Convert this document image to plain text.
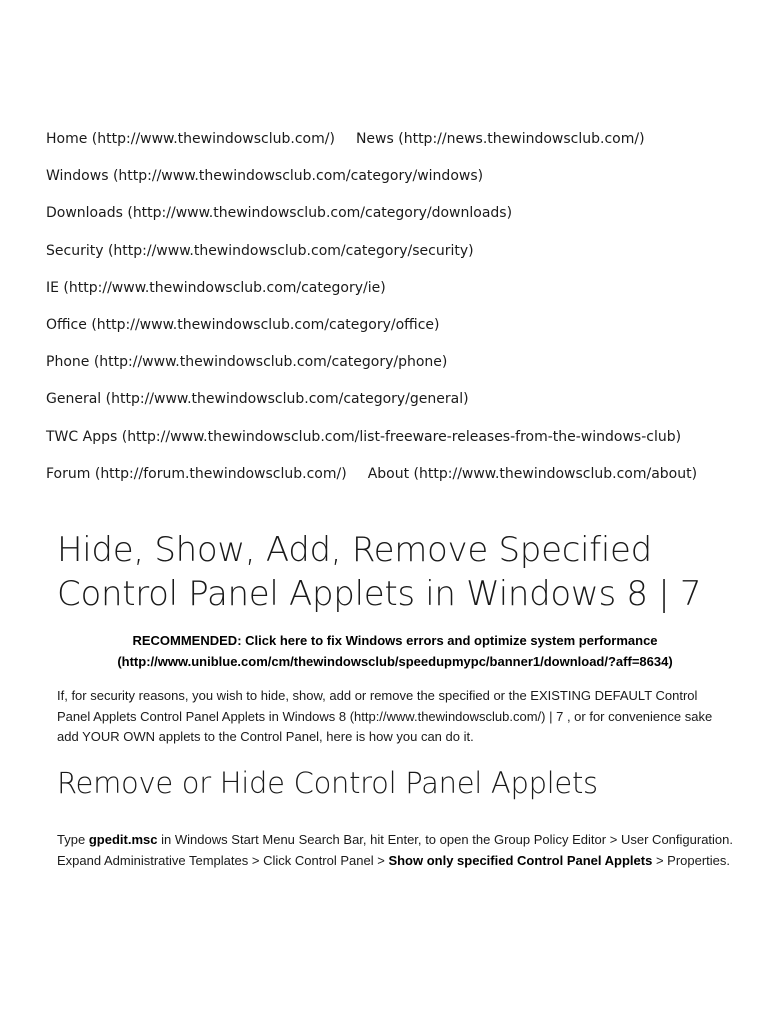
Home (http://www.thewindowsclub.com/) News (http://news.thewindowsclub.com/)
Windows (http://www.thewindowsclub.com/category/windows)
Downloads (http://www.thewindowsclub.com/category/downloads)
Security (http://www.thewindowsclub.com/category/security)
IE (http://www.thewindowsclub.com/category/ie)
Office (http://www.thewindowsclub.com/category/office)
Phone (http://www.thewindowsclub.com/category/phone)
General (http://www.thewindowsclub.com/category/general)
TWC Apps (http://www.thewindowsclub.com/list-freeware-releases-from-the-windows-club)
Forum (http://forum.thewindowsclub.com/) About (http://www.thewindowsclub.com/about)
Hide, Show, Add, Remove Specified Control Panel Applets in Windows 8 | 7
RECOMMENDED: Click here to fix Windows errors and optimize system performance
(http://www.uniblue.com/cm/thewindowsclub/speedupmypc/banner1/download/?aff=8634)

If, for security reasons, you wish to hide, show, add or remove the specified or the EXISTING DEFAULT Control Panel Applets Control Panel Applets in Windows 8 (http://www.thewindowsclub.com/) | 7 , or for convenience sake add YOUR OWN applets to the Control Panel, here is how you can do it.

Remove or Hide Control Panel Applets

Type gpedit.msc in Windows Start Menu Search Bar, hit Enter, to open the Group Policy Editor > User Configuration. Expand Administrative Templates > Click Control Panel > Show only specified Control Panel Applets > Properties.
